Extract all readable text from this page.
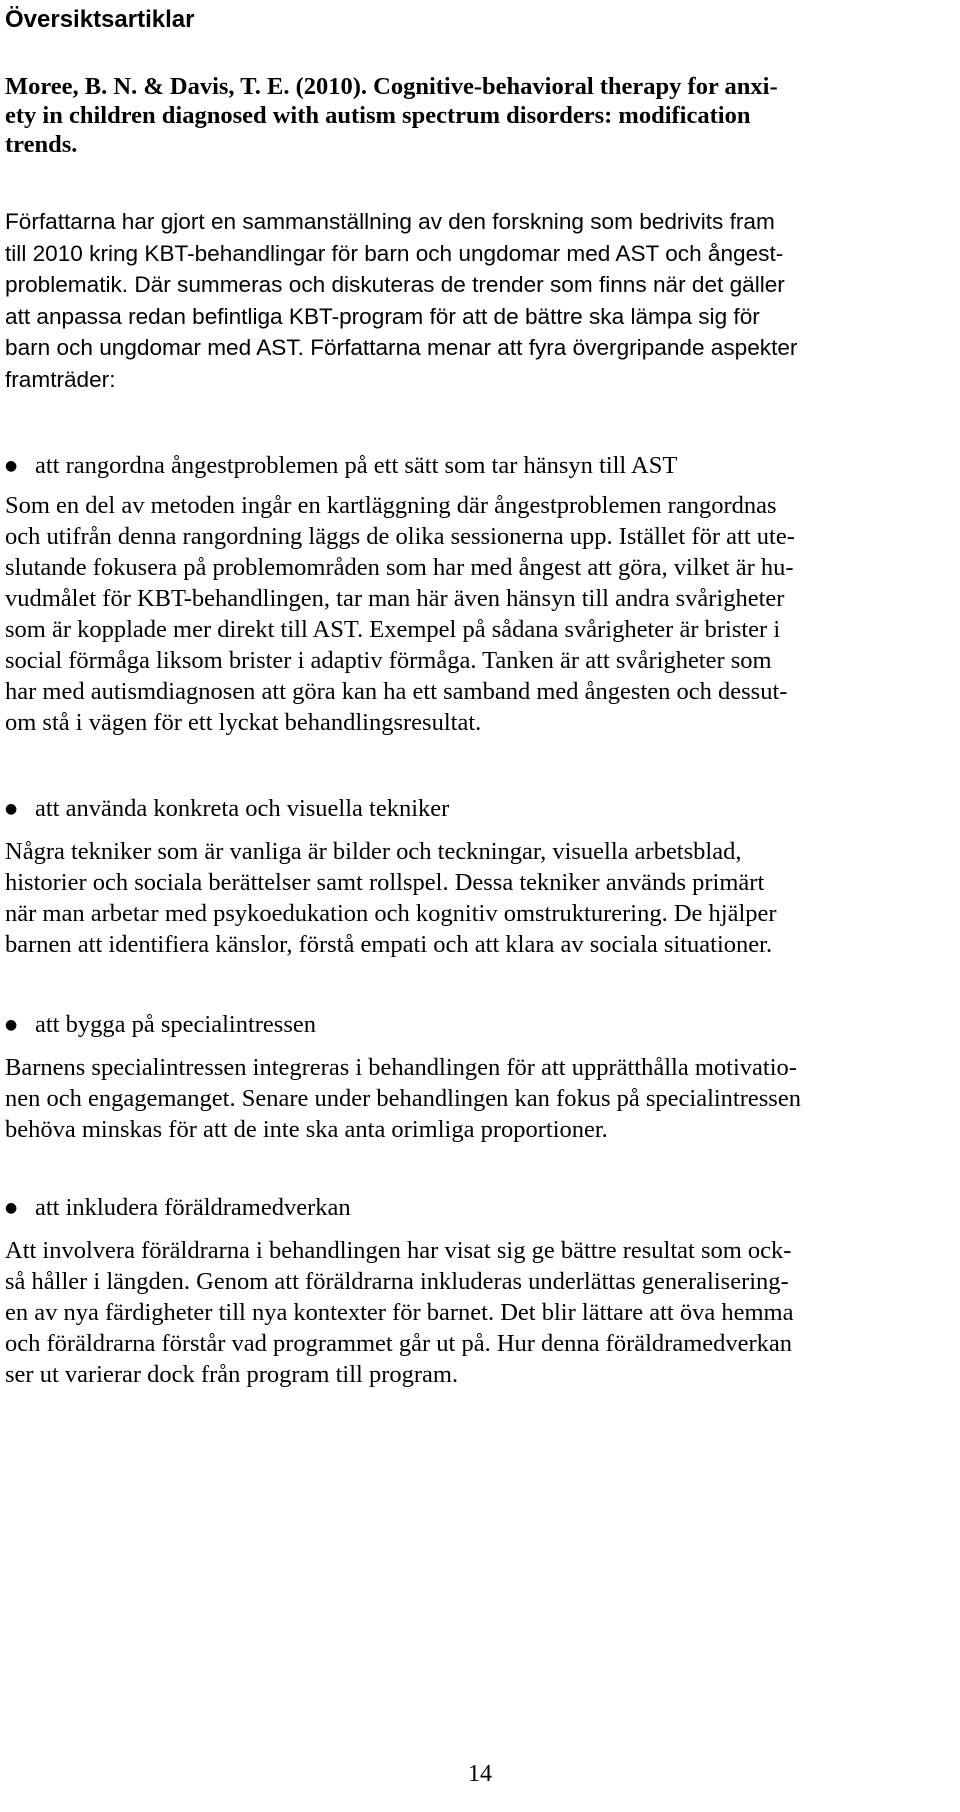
Översiktsartiklar

Moree, B. N. & Davis, T. E. (2010). Cognitive-behavioral therapy for anxi-
ety in children diagnosed with autism spectrum disorders: modification
trends.

Författarna har gjort en sammanställning av den forskning som bedrivits fram
till 2010 kring KBT-behandlingar för barn och ungdomar med AST och ångest-
problematik. Där summeras och diskuteras de trender som finns när det gäller
att anpassa redan befintliga KBT-program för att de bättre ska lämpa sig för
barn och ungdomar med AST. Författarna menar att fyra övergripande aspekter
framträder:

● att rangordna ångestproblemen på ett sätt som tar hänsyn till AST

Som en del av metoden ingår en kartläggning där ångestproblemen rangordnas
och utifrån denna rangordning läggs de olika sessionerna upp. Istället för att ute-
slutande fokusera på problemområden som har med ångest att göra, vilket är hu-
vudmålet för KBT-behandlingen, tar man här även hänsyn till andra svårigheter
som är kopplade mer direkt till AST. Exempel på sådana svårigheter är brister i
social förmåga liksom brister i adaptiv förmåga. Tanken är att svårigheter som
har med autismdiagnosen att göra kan ha ett samband med ångesten och dessut-
om stå i vägen för ett lyckat behandlingsresultat.

● att använda konkreta och visuella tekniker

Några tekniker som är vanliga är bilder och teckningar, visuella arbetsblad,
historier och sociala berättelser samt rollspel. Dessa tekniker används primärt
när man arbetar med psykoedukation och kognitiv omstrukturering. De hjälper
barnen att identifiera känslor, förstå empati och att klara av sociala situationer.

● att bygga på specialintressen

Barnens specialintressen integreras i behandlingen för att upprätthålla motivatio-
nen och engagemanget. Senare under behandlingen kan fokus på specialintressen
behöva minskas för att de inte ska anta orimliga proportioner.

● att inkludera föräldramedverkan

Att involvera föräldrarna i behandlingen har visat sig ge bättre resultat som ock-
så håller i längden. Genom att föräldrarna inkluderas underlättas generalisering-
en av nya färdigheter till nya kontexter för barnet. Det blir lättare att öva hemma
och föräldrarna förstår vad programmet går ut på. Hur denna föräldramedverkan
ser ut varierar dock från program till program.

14
